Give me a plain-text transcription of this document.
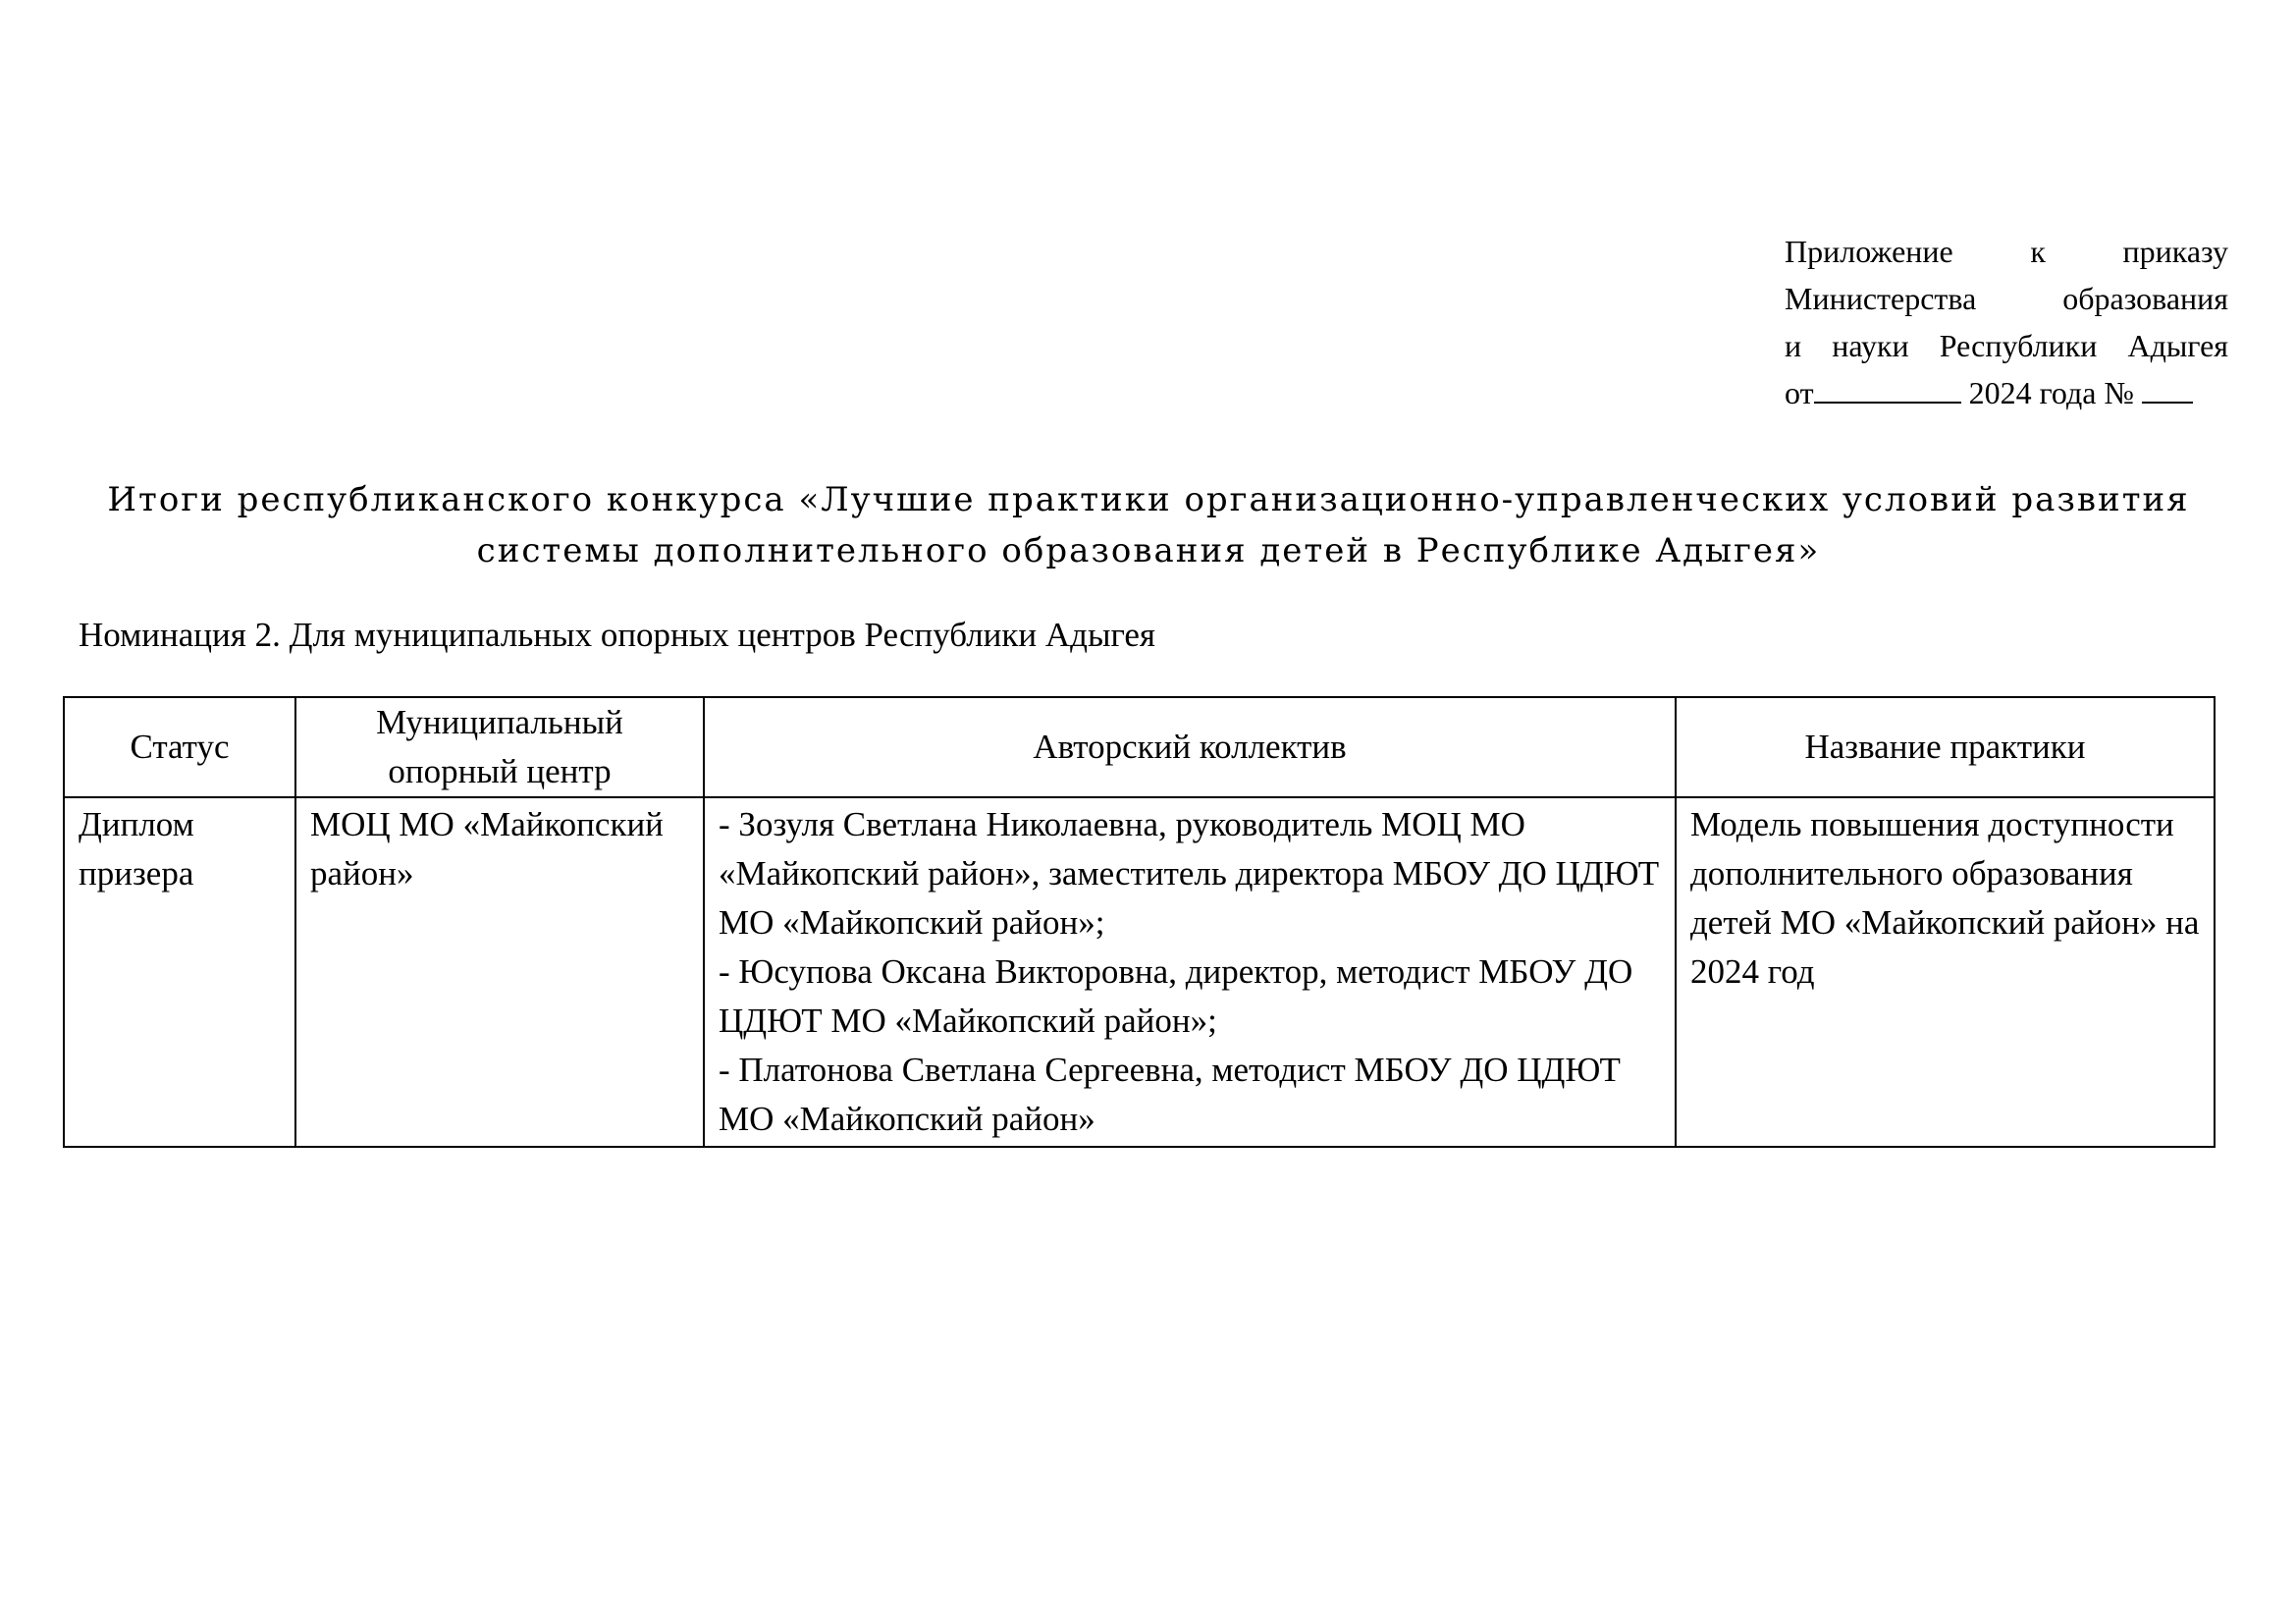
Приложение к приказу
Министерства образования
и науки Республики Адыгея
от	2024 года №
Итоги республиканского конкурса «Лучшие практики организационно-управленческих условий развития
системы дополнительного образования детей в Республике Адыгея»
Номинация 2. Для муниципальных опорных центров Республики Адыгея
Статус	Муниципальный опорный центр	Авторский коллектив	Название практики
Диплом призера	МОЦ МО «Майкопский район»	- Зозуля Светлана Николаевна, руководитель МОЦ МО «Майкопский район», заместитель директора МБОУ ДО ЦДЮТ МО «Майкопский район»;
- Юсупова Оксана Викторовна, директор, методист МБОУ ДО ЦДЮТ МО «Майкопский район»;
- Платонова Светлана Сергеевна, методист МБОУ ДО ЦДЮТ МО «Майкопский район»	Модель повышения доступности дополнительного образования детей МО «Майкопский район» на 2024 год
